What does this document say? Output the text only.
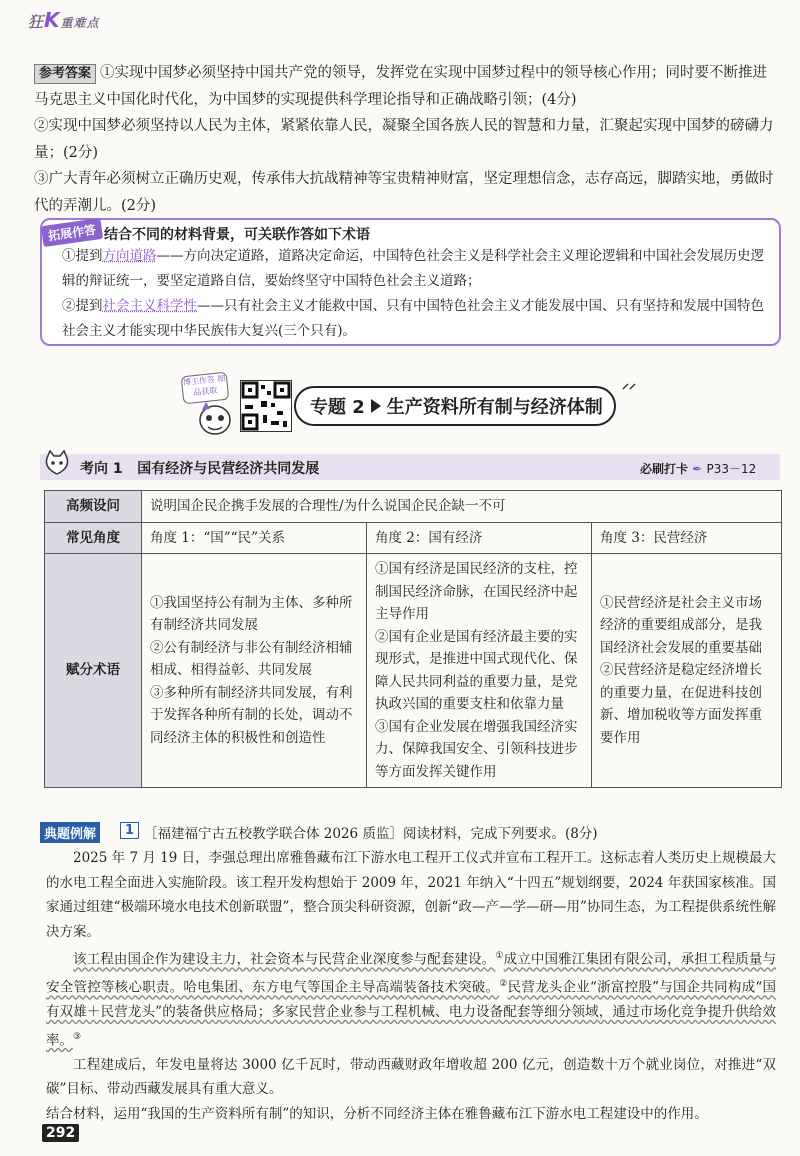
狂K重难点

参考答案 ①实现中国梦必须坚持中国共产党的领导，发挥党在实现中国梦过程中的领导核心作用；同时要不断推进马克思主义中国化时代化，为中国梦的实现提供科学理论指导和正确战略引领；(4分)

②实现中国梦必须坚持以人民为主体，紧紧依靠人民，凝聚全国各族人民的智慧和力量，汇聚起实现中国梦的磅礴力量；(2分)

③广大青年必须树立正确历史观，传承伟大抗战精神等宝贵精神财富，坚定理想信念，志存高远，脚踏实地，勇做时代的弄潮儿。(2分)

拓展作答 结合不同的材料背景，可关联作答如下术语

①提到方向道路——方向决定道路，道路决定命运，中国特色社会主义是科学社会主义理论逻辑和中国社会发展历史逻辑的辩证统一，要坚定道路自信，要始终坚守中国特色社会主义道路；

②提到社会主义科学性——只有社会主义才能救中国、只有中国特色社会主义才能发展中国、只有坚持和发展中国特色社会主义才能实现中华民族伟大复兴(三个只有)。

博主作答 细品获取
专题 2 生产资料所有制与经济体制
⸝⸝
考向 1 国有经济与民营经济共同发展	必刷打卡 ✒ P33－12
高频设问	说明国企民企携手发展的合理性/为什么说国企民企缺一不可		
常见角度	角度 1：“国”“民”关系	角度 2：国有经济	角度 3：民营经济
赋分术语	①我国坚持公有制为主体、多种所有制经济共同发展
②公有制经济与非公有制经济相辅相成、相得益彰、共同发展
③多种所有制经济共同发展，有利于发挥各种所有制的长处，调动不同经济主体的积极性和创造性	①国有经济是国民经济的支柱，控制国民经济命脉，在国民经济中起主导作用
②国有企业是国有经济最主要的实现形式，是推进中国式现代化、保障人民共同利益的重要力量，是党执政兴国的重要支柱和依靠力量
③国有企业发展在增强我国经济实力、保障我国安全、引领科技进步等方面发挥关键作用	①民营经济是社会主义市场经济的重要组成部分，是我国经济社会发展的重要基础
②民营经济是稳定经济增长的重要力量，在促进科技创新、增加税收等方面发挥重要作用
典题例解	1 ［福建福宁古五校教学联合体 2026 质监］阅读材料，完成下列要求。(8分)

2025 年 7 月 19 日，李强总理出席雅鲁藏布江下游水电工程开工仪式并宣布工程开工。这标志着人类历史上规模最大的水电工程全面进入实施阶段。该工程开发构想始于 2009 年，2021 年纳入“十四五”规划纲要，2024 年获国家核准。国家通过组建“极端环境水电技术创新联盟”，整合顶尖科研资源，创新“政—产—学—研—用”协同生态，为工程提供系统性解决方案。

该工程由国企作为建设主力，社会资本与民营企业深度参与配套建设。①成立中国雅江集团有限公司，承担工程质量与安全管控等核心职责。哈电集团、东方电气等国企主导高端装备技术突破。②民营龙头企业“浙富控股”与国企共同构成“国有双雄＋民营龙头”的装备供应格局；多家民营企业参与工程机械、电力设备配套等细分领域，通过市场化竞争提升供给效率。③

工程建成后，年发电量将达 3000 亿千瓦时，带动西藏财政年增收超 200 亿元，创造数十万个就业岗位，对推进“双碳”目标、带动西藏发展具有重大意义。

结合材料，运用“我国的生产资料所有制”的知识，分析不同经济主体在雅鲁藏布江下游水电工程建设中的作用。

292
